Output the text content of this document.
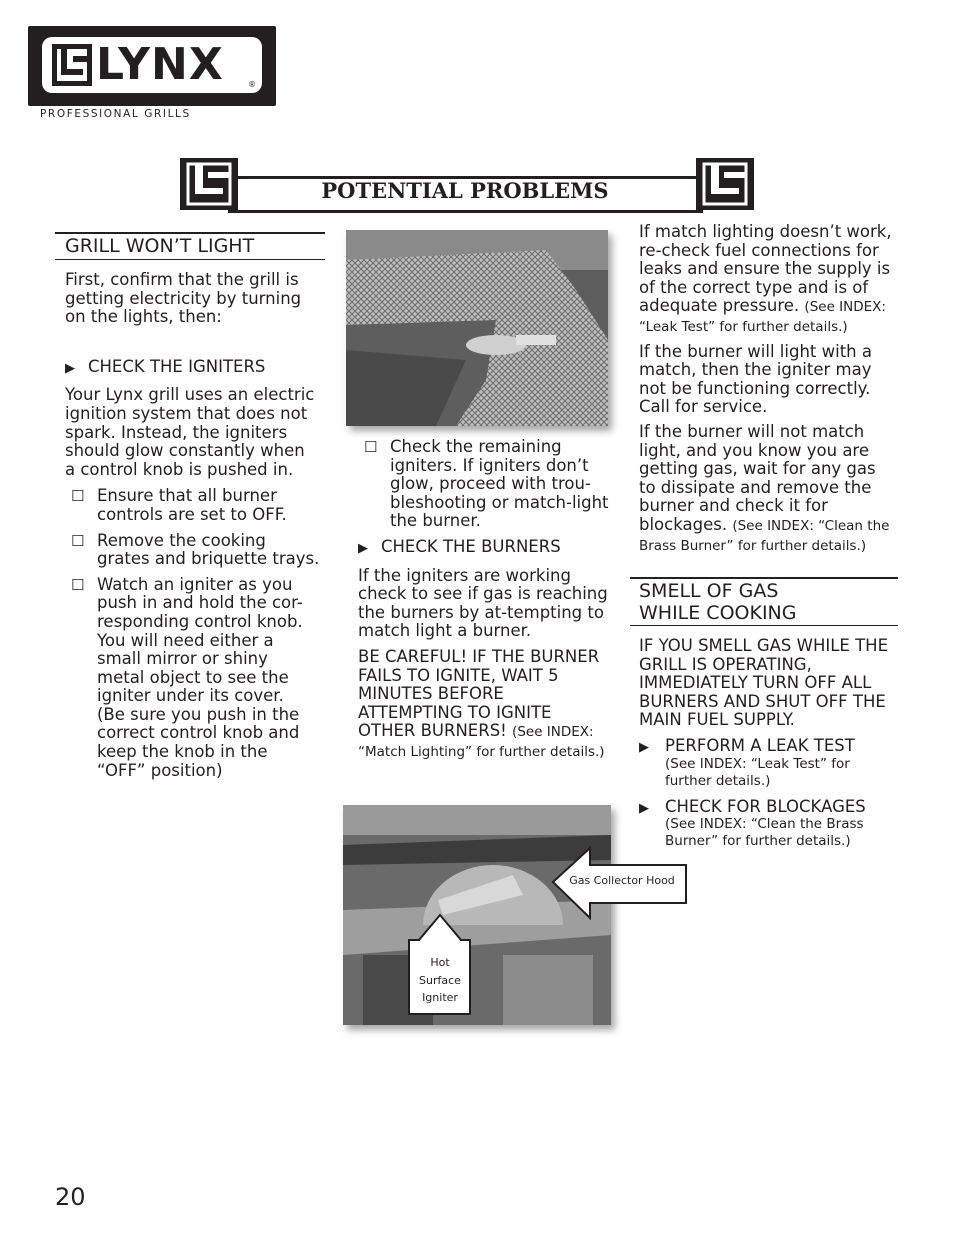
LYNX	®
PROFESSIONAL GRILLS
POTENTIAL PROBLEMS
GRILL WON’T LIGHT

First, confirm that the grill is getting electricity by turning on the lights, then:

▶ CHECK THE IGNITERS

Your Lynx grill uses an electric ignition system that does not spark. Instead, the igniters should glow constantly when a control knob is pushed in.

☐ Ensure that all burner controls are set to OFF.
☐ Remove the cooking grates and briquette trays.
☐ Watch an igniter as you push in and hold the cor-responding control knob. You will need either a small mirror or shiny metal object to see the igniter under its cover.

(Be sure you push in the correct control knob and keep the knob in the “OFF” position)

☐ Check the remaining igniters. If igniters don’t glow, proceed with trou-bleshooting or match-light the burner.
▶ CHECK THE BURNERS

If the igniters are working check to see if gas is reaching the burners by at-tempting to match light a burner.

BE CAREFUL! IF THE BURNER FAILS TO IGNITE, WAIT 5 MINUTES BEFORE ATTEMPTING TO IGNITE OTHER BURNERS! (See INDEX: “Match Lighting” for further details.)

Gas Collector Hood
Hot
Surface
Igniter

If match lighting doesn’t work, re-check fuel connections for leaks and ensure the supply is of the correct type and is of adequate pressure. (See INDEX: “Leak Test” for further details.)

If the burner will light with a match, then the igniter may not be functioning correctly. Call for service.

If the burner will not match light, and you know you are getting gas, wait for any gas to dissipate and remove the burner and check it for blockages. (See INDEX: “Clean the Brass Burner” for further details.)

SMELL OF GAS
WHILE COOKING

IF YOU SMELL GAS WHILE THE GRILL IS OPERATING, IMMEDIATELY TURN OFF ALL BURNERS AND SHUT OFF THE MAIN FUEL SUPPLY.

▶ PERFORM A LEAK TEST
(See INDEX: “Leak Test” for further details.)
▶ CHECK FOR BLOCKAGES
(See INDEX: “Clean the Brass Burner” for further details.)
20
